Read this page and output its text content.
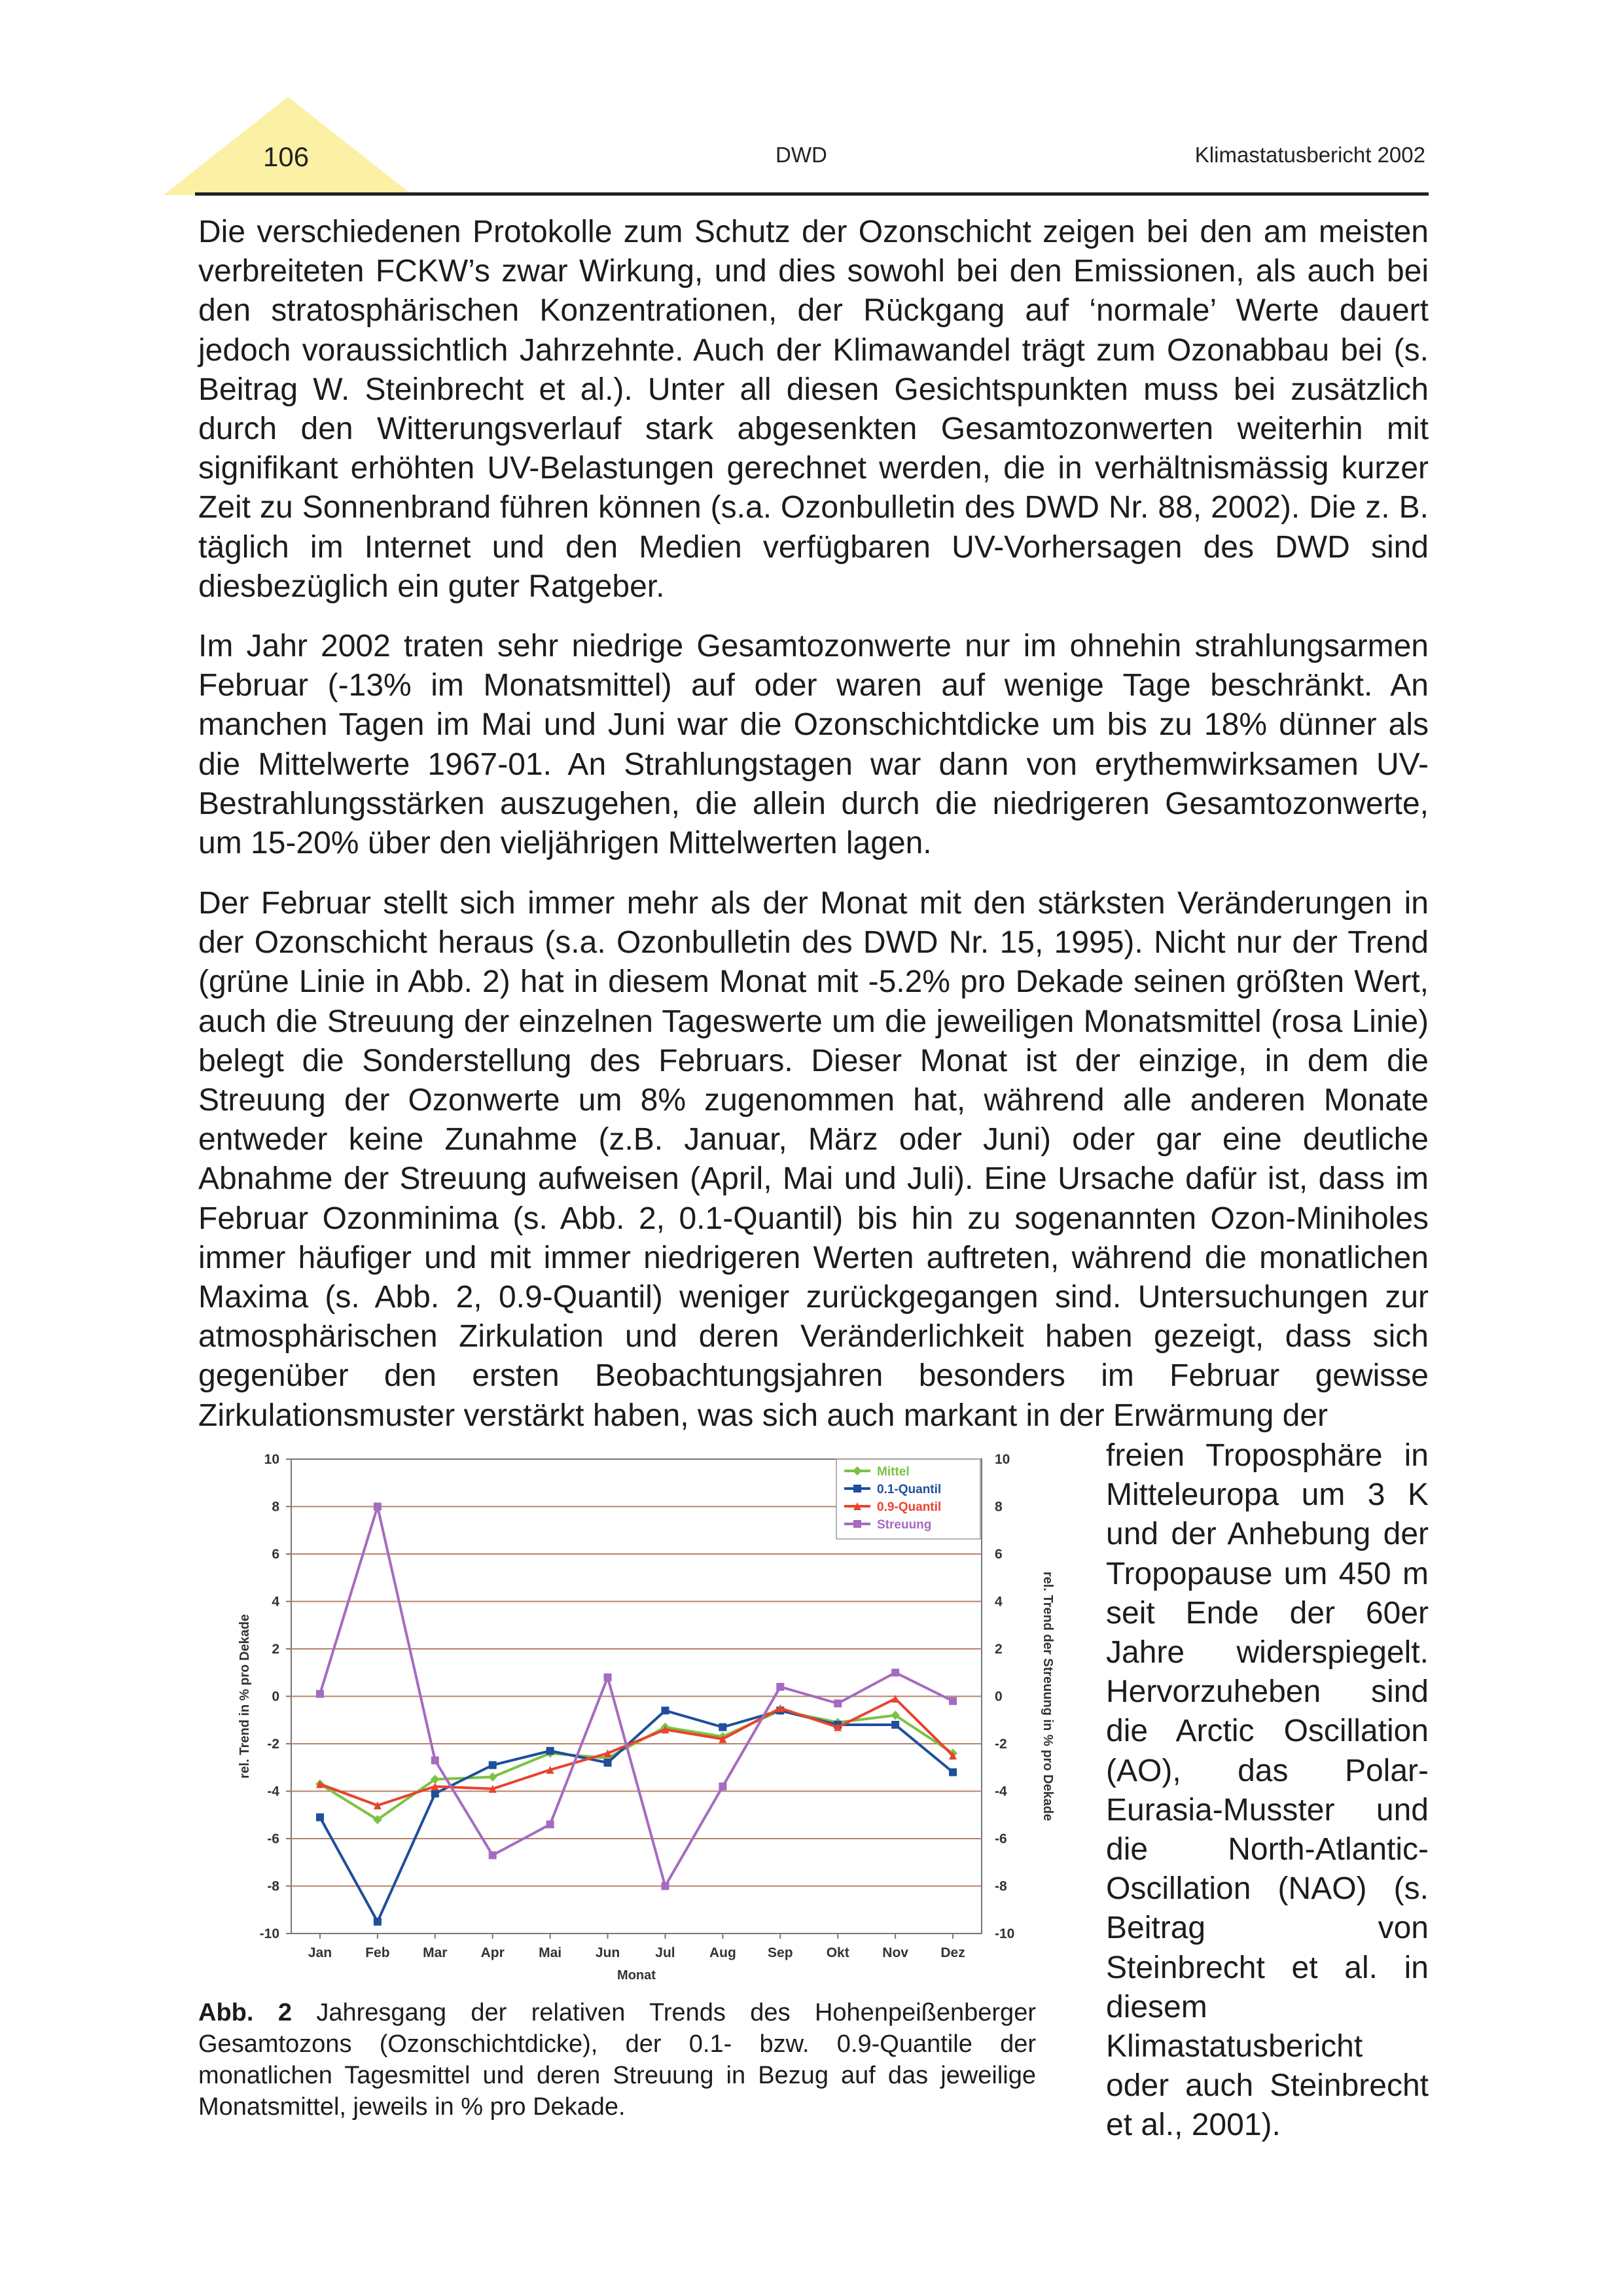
106	DWD	Klimastatusbericht 2002

Die verschiedenen Protokolle zum Schutz der Ozonschicht zeigen bei den am meisten verbreiteten FCKW’s zwar Wirkung, und dies sowohl bei den Emissionen, als auch bei den stratosphärischen Konzentrationen, der Rückgang auf ‘normale’ Werte dauert jedoch voraussichtlich Jahrzehnte. Auch der Klimawandel trägt zum Ozonabbau bei (s. Beitrag W. Steinbrecht et al.). Unter all diesen Gesichtspunkten muss bei zusätzlich durch den Witterungsverlauf stark abgesenkten Gesamtozonwerten weiterhin mit signifikant erhöhten UV-Belastungen gerechnet werden, die in verhältnismässig kurzer Zeit zu Sonnenbrand führen können (s.a. Ozonbulletin des DWD Nr. 88, 2002). Die z. B. täglich im Internet und den Medien verfügbaren UV-Vorhersagen des DWD sind diesbezüglich ein guter Ratgeber.

Im Jahr 2002 traten sehr niedrige Gesamtozonwerte nur im ohnehin strahlungsarmen Februar (-13% im Monatsmittel) auf oder waren auf wenige Tage beschränkt. An manchen Tagen im Mai und Juni war die Ozonschichtdicke um bis zu 18% dünner als die Mittelwerte 1967-01. An Strahlungstagen war dann von erythemwirksamen UV-Bestrahlungsstärken auszugehen, die allein durch die niedrigeren Gesamtozonwerte, um 15-20% über den vieljährigen Mittelwerten lagen.

Der Februar stellt sich immer mehr als der Monat mit den stärksten Veränderungen in der Ozonschicht heraus (s.a. Ozonbulletin des DWD Nr. 15, 1995). Nicht nur der Trend (grüne Linie in Abb. 2) hat in diesem Monat mit -5.2% pro Dekade seinen größten Wert, auch die Streuung der einzelnen Tageswerte um die jeweiligen Monatsmittel (rosa Linie) belegt die Sonderstellung des Februars. Dieser Monat ist der einzige, in dem die Streuung der Ozonwerte um 8% zugenommen hat, während alle anderen Monate entweder keine Zunahme (z.B. Januar, März oder Juni) oder gar eine deutliche Abnahme der Streuung aufweisen (April, Mai und Juli). Eine Ursache dafür ist, dass im Februar Ozonminima (s. Abb. 2, 0.1-Quantil) bis hin zu sogenannten Ozon-Miniholes immer häufiger und mit immer niedrigeren Werten auftreten, während die monatlichen Maxima (s. Abb. 2, 0.9-Quantil) weniger zurückgegangen sind. Untersuchungen zur atmosphärischen Zirkulation und deren Veränderlichkeit haben gezeigt, dass sich gegenüber den ersten Beobachtungsjahren besonders im Februar gewisse Zirkulationsmuster verstärkt haben, was sich auch markant in der Erwärmung der

freien Troposphäre in Mitteleuropa um 3 K und der Anhebung der Tropopause um 450 m seit Ende der 60er Jahre widerspiegelt. Hervorzuheben sind die Arctic Oscillation (AO), das Polar-Eurasia-Musster und die North-Atlantic-Oscillation (NAO) (s. Beitrag von Steinbrecht et al. in diesem Klimastatusbericht oder auch Steinbrecht et al., 2001).

-10	-10
-8	-8
-6	-6
-4	-4
-2	-2
0	0
2	2
4	4
6	6
8	8
10	10
Jan Feb Mar Apr Mai Jun	Jul Aug Sep Okt Nov Dez
Monat
rel. Trend in % pro Dekade	rel. Trend der Streuung in % pro Dekade
Mittel
0.1-Quantil
0.9-Quantil
Streuung

Abb. 2 Jahresgang der relativen Trends des Hohenpeißenberger Gesamtozons (Ozonschichtdicke), der 0.1- bzw. 0.9-Quantile der monatlichen Tagesmittel und deren Streuung in Bezug auf das jeweilige Monatsmittel, jeweils in % pro Dekade.
